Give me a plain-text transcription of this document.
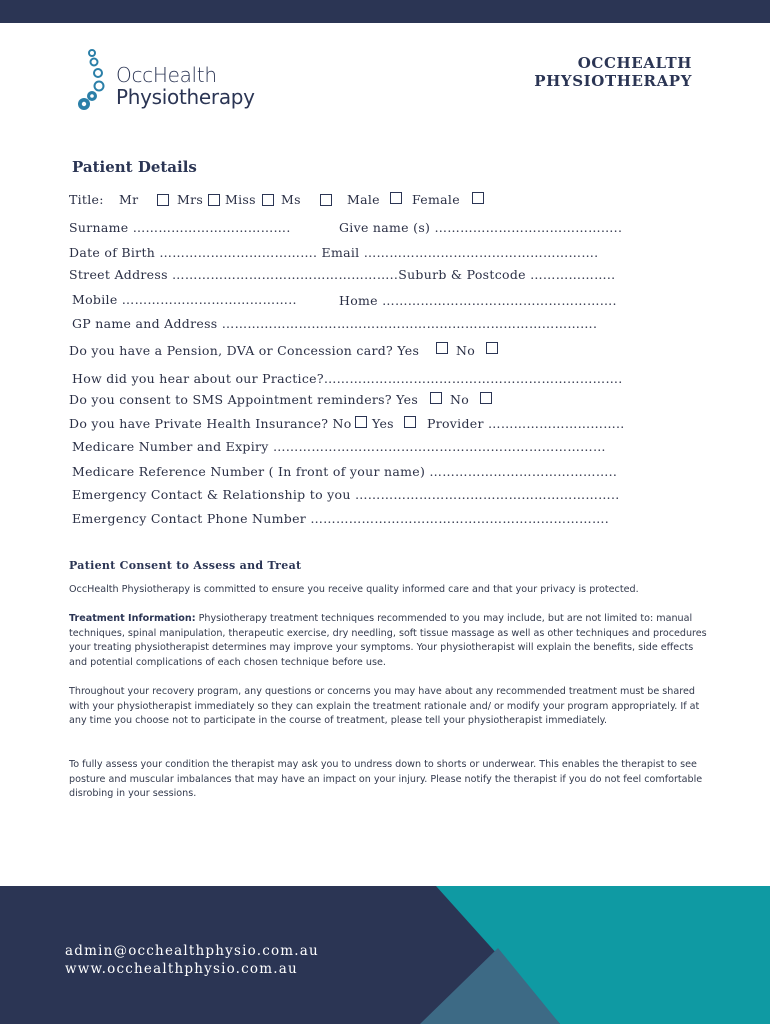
OccHealth
Physiotherapy
OCCHEALTH
PHYSIOTHERAPY
Patient Details
Title: Mr	Mrs Miss Ms	Male	Female
Surname ……………………………….	Give name (s) ……………………………………..
Date of Birth ………………………………. Email ……………………………………………….
Street Address ……………………………………………..Suburb & Postcode ………………..
Mobile …………………………………..	Home ……………………………………………….
GP name and Address …………………………………………………………………………….
Do you have a Pension, DVA or Concession card? Yes	No
How did you hear about our Practice?…………………………………………………………….
Do you consent to SMS Appointment reminders? Yes	No
Do you have Private Health Insurance? No Yes	Provider …………………………..
Medicare Number and Expiry ……………………………………………………………………
Medicare Reference Number ( In front of your name) ……………………………………..
Emergency Contact & Relationship to you ……………………………………………………..
Emergency Contact Phone Number …………………………………………………………….
Patient Consent to Assess and Treat
OccHealth Physiotherapy is committed to ensure you receive quality informed care and that your privacy is protected.
Treatment Information: Physiotherapy treatment techniques recommended to you may include, but are not limited to: manual techniques, spinal manipulation, therapeutic exercise, dry needling, soft tissue massage as well as other techniques and procedures your treating physiotherapist determines may improve your symptoms. Your physiotherapist will explain the benefits, side effects and potential complications of each chosen technique before use.
Throughout your recovery program, any questions or concerns you may have about any recommended treatment must be shared with your physiotherapist immediately so they can explain the treatment rationale and/ or modify your program appropriately. If at any time you choose not to participate in the course of treatment, please tell your physiotherapist immediately.
To fully assess your condition the therapist may ask you to undress down to shorts or underwear. This enables the therapist to see posture and muscular imbalances that may have an impact on your injury. Please notify the therapist if you do not feel comfortable disrobing in your sessions.
admin@occhealthphysio.com.au
www.occhealthphysio.com.au
